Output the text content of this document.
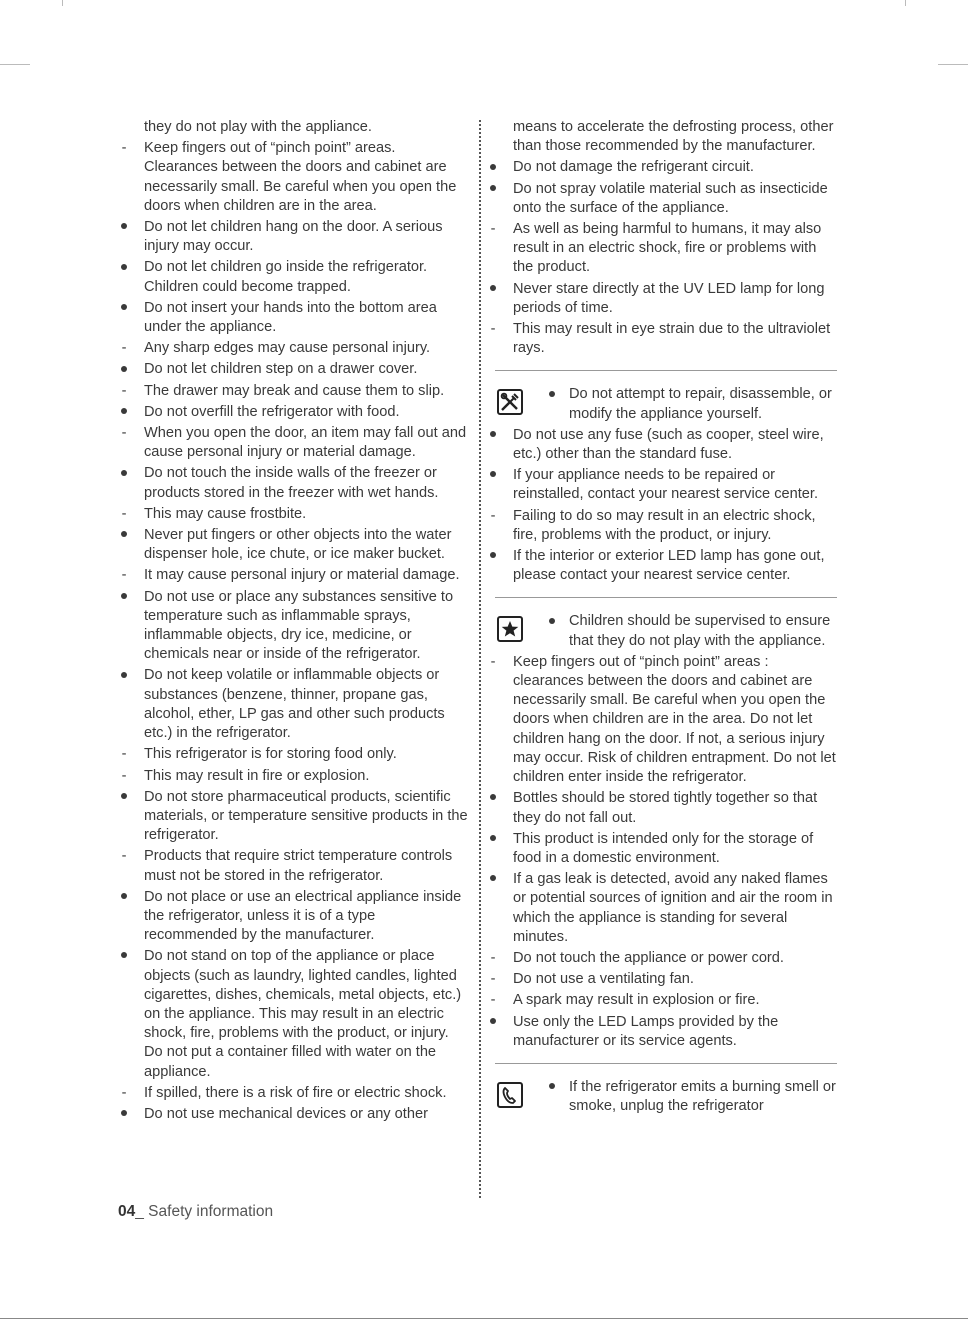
they do not play with the appliance.
-
Keep fingers out of “pinch point” areas. Clearances between the doors and cabinet are necessarily small. Be careful when you open the doors when children are in the area.
Do not let children hang on the door. A serious injury may occur.
Do not let children go inside the refrigerator. Children could become trapped.
Do not insert your hands into the bottom area under the appliance.
-
Any sharp edges may cause personal injury.
Do not let children step on a drawer cover.
-
The drawer may break and cause them to slip.
Do not overfill the refrigerator with food.
-
When you open the door, an item may fall out and cause personal injury or material damage.
Do not touch the inside walls of the freezer or products stored in the freezer with wet hands.
-
This may cause frostbite.
Never put fingers or other objects into the water dispenser hole, ice chute, or ice maker bucket.
-
It may cause personal injury or material damage.
Do not use or place any substances sensitive to temperature such as inflammable sprays, inflammable objects, dry ice, medicine, or chemicals near or inside of the refrigerator.
Do not keep volatile or inflammable objects or substances (benzene, thinner, propane gas, alcohol, ether, LP gas and other such products etc.) in the refrigerator.
-
This refrigerator is for storing food only.
-
This may result in fire or explosion.
Do not store pharmaceutical products, scientific materials, or temperature sensitive products in the refrigerator.
-
Products that require strict temperature controls must not be stored in the refrigerator.
Do not place or use an electrical appliance inside the refrigerator, unless it is of a type recommended by the manufacturer.
Do not stand on top of the appliance or place objects (such as laundry, lighted candles, lighted cigarettes, dishes, chemicals, metal objects, etc.) on the appliance. This may result in an electric shock, fire, problems with the product, or injury. Do not put a container filled with water on the appliance.
-
If spilled, there is a risk of fire or electric shock.
Do not use mechanical devices or any other
means to accelerate the defrosting process, other than those recommended by the manufacturer.
Do not damage the refrigerant circuit.
Do not spray volatile material such as insecticide onto the surface of the appliance.
-
As well as being harmful to humans, it may also result in an electric shock, fire or problems with the product.
Never stare directly at the UV LED lamp for long periods of time.
-
This may result in eye strain due to the ultraviolet rays.
Do not attempt to repair, disassemble, or modify the appliance yourself.
Do not use any fuse (such as cooper, steel wire, etc.) other than the standard fuse.
If your appliance needs to be repaired or reinstalled, contact your nearest service center.
-
Failing to do so may result in an electric shock, fire, problems with the product, or injury.
If the interior or exterior LED lamp has gone out, please contact your nearest service center.
Children should be supervised to ensure that they do not play with the appliance.
-
Keep fingers out of “pinch point” areas : clearances between the doors and cabinet are necessarily small. Be careful when you open the doors when children are in the area. Do not let children hang on the door. If not, a serious injury may occur. Risk of children entrapment. Do not let children enter inside the refrigerator.
Bottles should be stored tightly together so that they do not fall out.
This product is intended only for the storage of food in a domestic environment.
If a gas leak is detected, avoid any naked flames or potential sources of ignition and air the room in which the appliance is standing for several minutes.
-
Do not touch the appliance or power cord.
-
Do not use a ventilating fan.
-
A spark may result in explosion or fire.
Use only the LED Lamps provided by the manufacturer or its service agents.
If the refrigerator emits a burning smell or smoke, unplug the refrigerator
04_ Safety information
